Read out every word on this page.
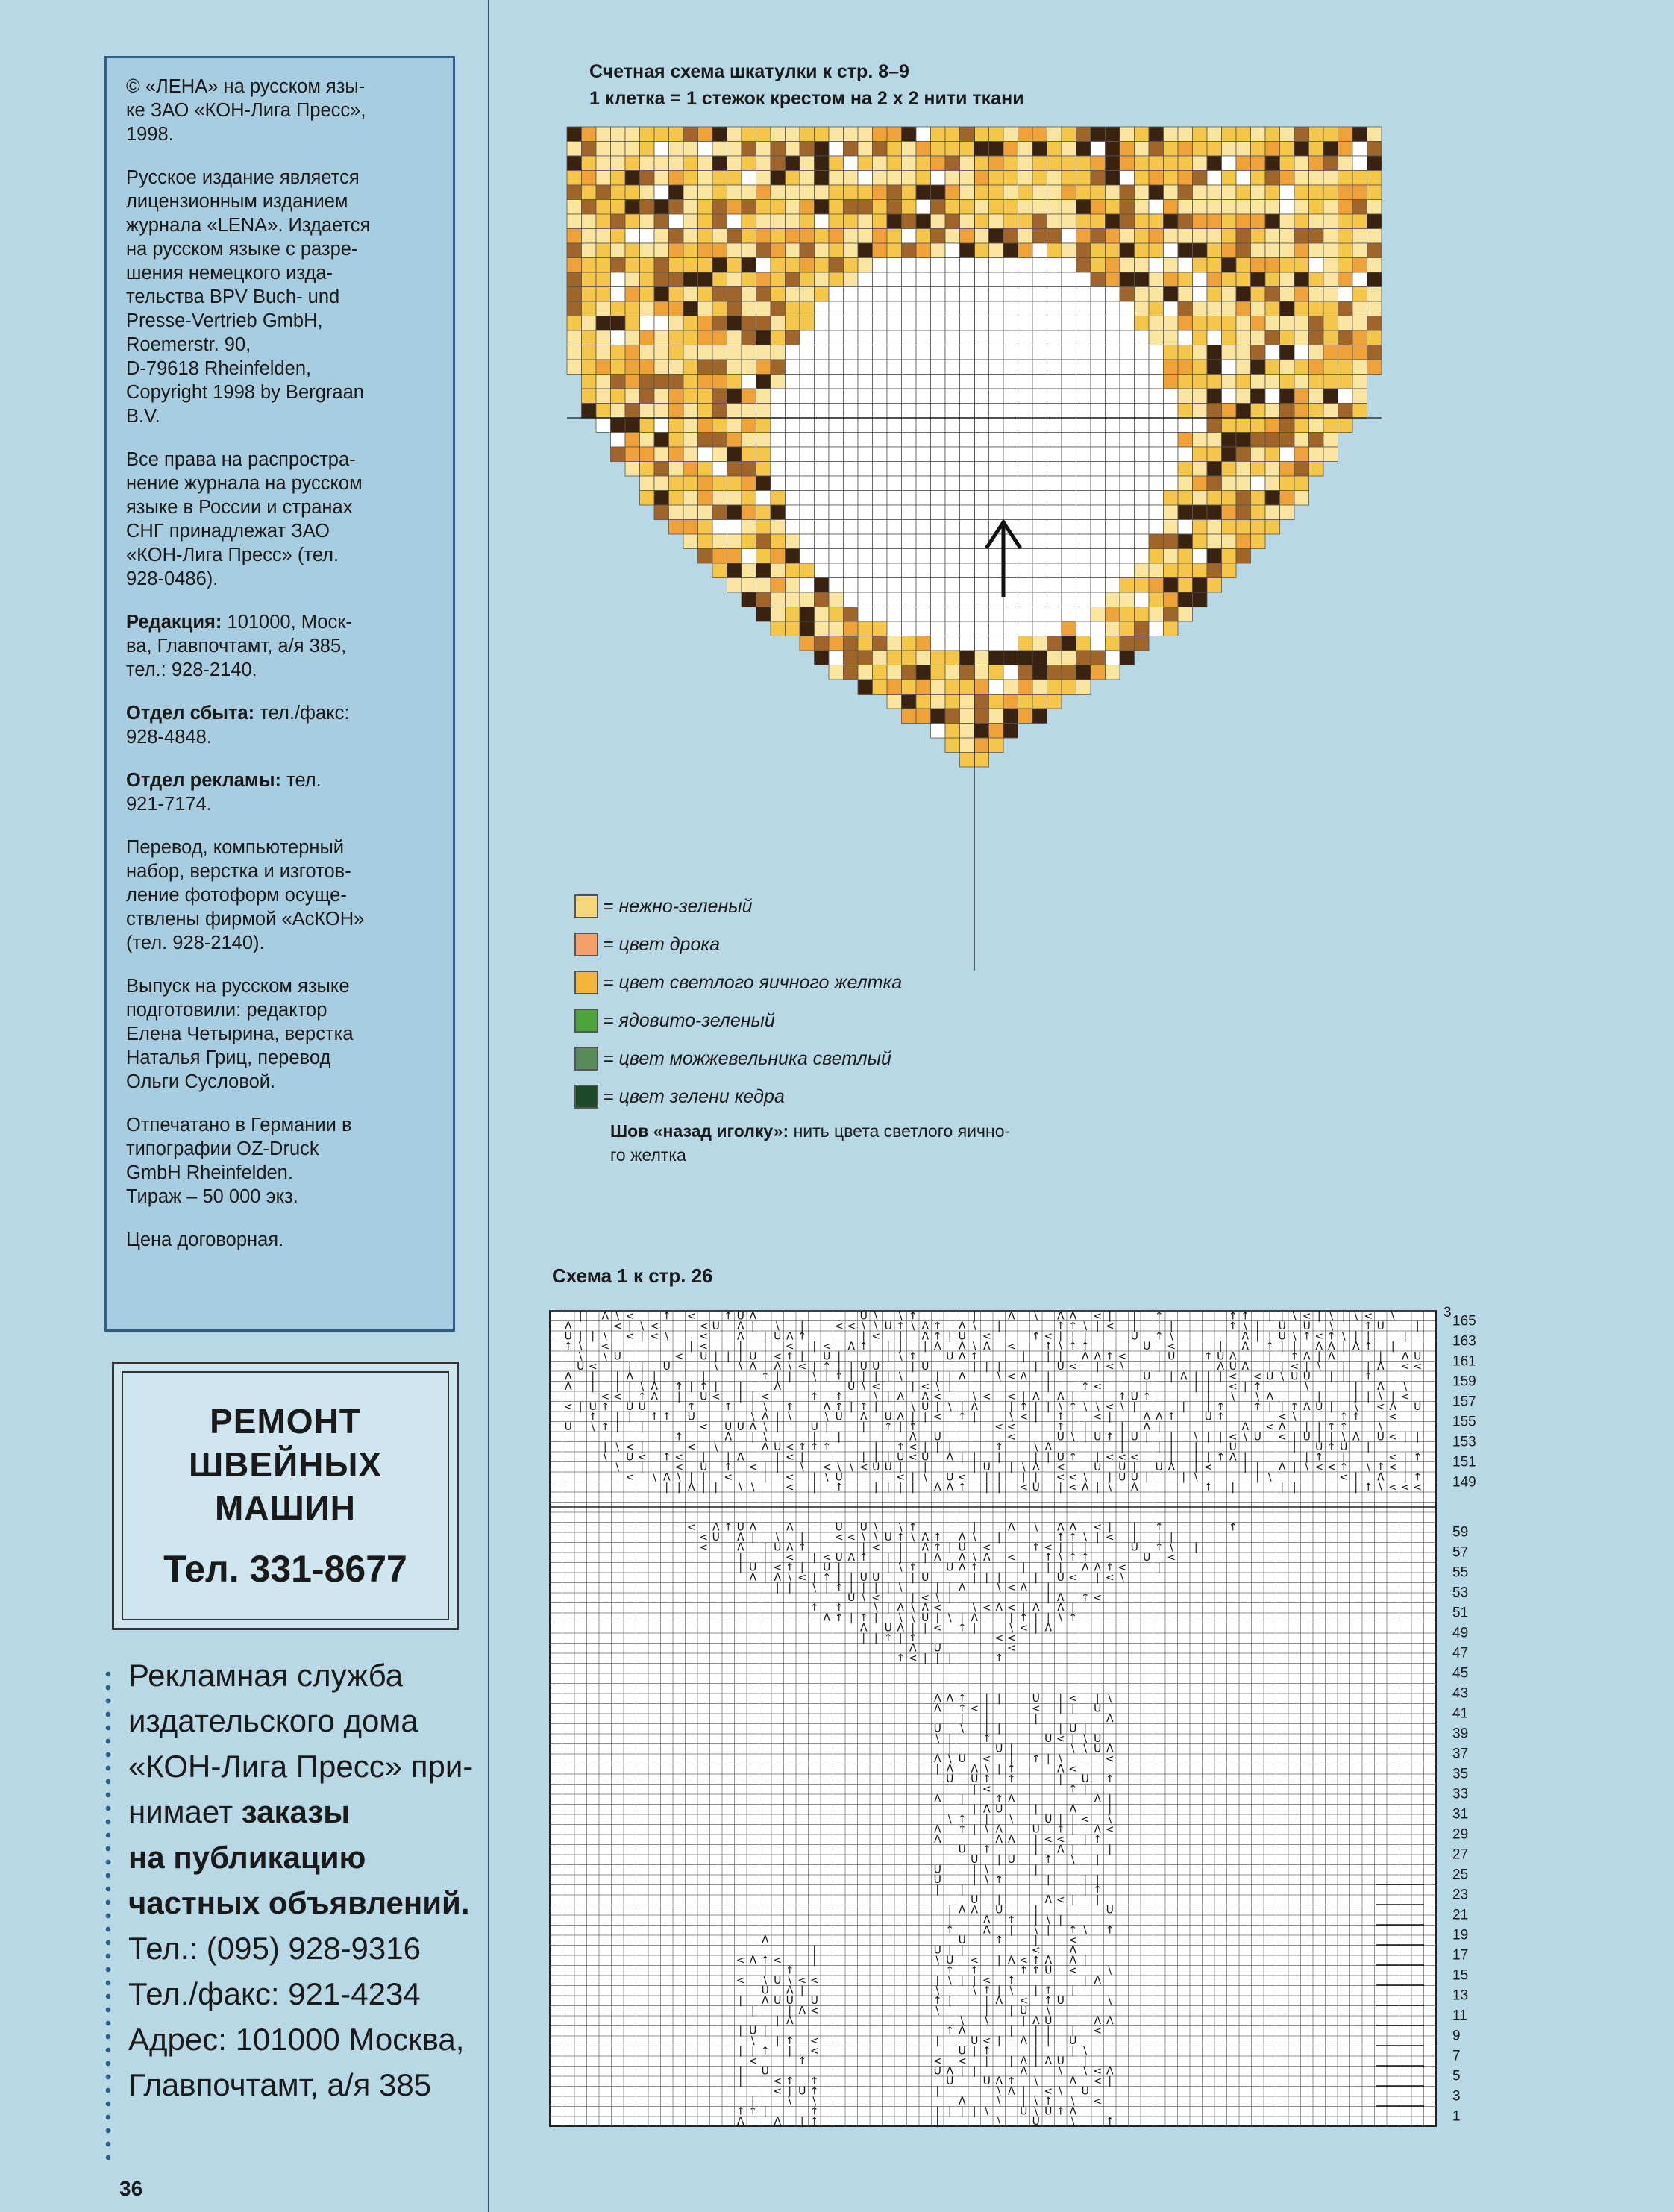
© «ЛЕНА» на русском язы-
ке ЗАО «КОН-Лига Пресс»,
1998.

Русское издание является
лицензионным изданием
журнала «LENA». Издается
на русском языке с разре-
шения немецкого изда-
тельства BPV Buch- und
Presse-Vertrieb GmbH,
Roemerstr. 90,
D-79618 Rheinfelden,
Copyright 1998 by Bergraan
B.V.

Все права на распростра-
нение журнала на русском
языке в России и странах
СНГ принадлежат ЗАО
«КОН-Лига Пресс» (тел.
928-0486).

Редакция: 101000, Моск-
ва, Главпочтамт, а/я 385,
тел.: 928-2140.

Отдел сбыта: тел./факс:
928-4848.

Отдел рекламы: тел.
921-7174.

Перевод, компьютерный
набор, верстка и изготов-
ление фотоформ осуще-
ствлены фирмой «АсКОН»
(тел. 928-2140).

Выпуск на русском языке
подготовили: редактор
Елена Четырина, верстка
Наталья Гриц, перевод
Ольги Сусловой.

Отпечатано в Германии в
типографии OZ-Druck
GmbH Rheinfelden.
Тираж – 50 000 экз.

Цена договорная.

РЕМОНТ
ШВЕЙНЫХ
МАШИН
Тел. 331-8677
Рекламная служба
издательского дома
«КОН-Лига Пресс» при-
нимает заказы
на публикацию
частных объявлений.
Тел.: (095) 928-9316
Тел./факс: 921-4234
Адрес: 101000 Москва,
Главпочтамт, а/я 385
36
Счетная схема шкатулки к стр. 8–9
1 клетка = 1 стежок крестом на 2 х 2 нити ткани
= нежно-зеленый
= цвет дрока
= цвет светлого яичного желтка
= ядовито-зеленый
= цвет можжевельника светлый
= цвет зелени кедра
Шов «назад иголку»: нить цвета светлого яично-
го желтка
Схема 1 к стр. 26
| Λ \ <	↑ <	↑ U Λ	U \ \ ↑	|	Λ \ Λ Λ < | | ↑	↑ ↑ | | \ < | \ | \ < \
Λ	< | \ <	< U Λ | \ |	< < \ \ U ↑ \ Λ ↑ Λ \ |	↑ ↑ \ | < | | |	↑ \ | U U \	↑ U	|
U | | \ < | < \	<	Λ | U Λ ↑	| < | Λ ↑ | U <	↑ < | | |	U ↑ \	Λ | | U \ ↑ < ↑ \ | |	|
↑ \ <	| <	| | < | < Λ ↑ | | | Λ Λ \ Λ <	↑ \ ↑ ↑	U <	| Λ ↑ | | Λ Λ | Λ ↑ |
\ \ U	< U | | | U | < ↑ | U |	| \ ↑	U Λ ↑	| | | Λ Λ ↑ <	| U	↑ U Λ	| ↑ Λ | Λ	| Λ U
U <	| | U	\ \ Λ | Λ \ < | ↑ | | U U	| U	| | |	| U < | < \	|	Λ U Λ | | < | \ | | Λ < <
Λ | | Λ | |	|	↑ | | \ | ↑ | | | | \	| | Λ	\ < Λ |	U | Λ | | | < < U \ U U | | ↑
Λ | | | \ Λ ↑ | ↑ | |	Λ	U \ <	| < \ |	|	↑ <	|	| | < | ↑	\	| Λ \
< < | ↑ Λ | U < | | <	↑ ↑	\ | Λ Λ <	\ < < | Λ Λ |	↑ U ↑	| \ \ Λ	|	| | \ | <
< | U ↑ U U	↑	↑ | \ ↑	Λ ↑ | ↑ |	\ U | \ | Λ	| ↑ | | \ ↑ \ \ < \ |	| | ↑	↑ | | ↑ Λ U | \ < Λ U
↑ | | ↑ ↑ U	\ Λ | \	\ U Λ U Λ | | < ↑ |	\ < | ↑ | < |	Λ Λ ↑	U ↑	< \	↑ ↑	<
U \ ↑ | |	< U U Λ \ |	U |	| ↑ | ↑	< <	↑ | |	| Λ |	Λ < Λ | | ↑ ↑	\
↑	Λ | \	| |	Λ U	<	U \ | U ↑ | U | | \ | | < \ U < | U | | \ Λ U < | |
| \ < |	< \	Λ U < ↑ ↑ ↑	| ↑ < | | |	↑	\ Λ	|	| | |	U	| U ↑ U |
\ U < ↑ < | | Λ	| < |	| | | U < U Λ | | |	| | U ↑ | < < <	| | | ↑ Λ |	| ↑ |	< | ↑
\ |	< U ↑ < | | \ < \ \ < U U | |	| U | \ Λ <	U U | U Λ | <	| | Λ | \ < < ↑ \ ↑ < |
< \ Λ \ | | <	| < | \ U	< | \ U < | | | | < < \ | U U |	| \	| \	< | Λ | ↑
| | Λ | | \ \	< | ↑	| | | | Λ Λ ↑ | | < U | < Λ | \ Λ	↑ |	| |	| ↑ \ < < <
< Λ ↑ U Λ	Λ	U U \ \ ↑	|	Λ \ Λ Λ < | | ↑	↑
< U Λ | \ |	< < \ \ U ↑ \ Λ ↑ Λ \ |	↑ ↑ \ | < | | |
<	Λ | U Λ ↑	| < | Λ ↑ | U <	↑ < | | |	U ↑ \ |
| | < | < U Λ ↑ | | | Λ Λ \ Λ <	↑ \ ↑ ↑	U <
| U | < ↑ | U |	| \ ↑	U Λ ↑	| | | Λ Λ ↑ <	|
Λ | Λ \ < | ↑ | | U U	| U	| | |	| U < | < \
| | \ | ↑ | | | | \	| | Λ	\ < Λ |
U \ <	| < \ |	| Λ ↑ <
↑ ↑	\ | Λ \ Λ <	\ < Λ < | Λ Λ |
Λ ↑ | ↑ | \ \ U | \ | Λ	| ↑ | | \ ↑
Λ U Λ | | < ↑ |	\ < | Λ
| | ↑ | ↑	< <
Λ U	<
↑ < | | |	↑
Λ Λ ↑ | |	U | < | \
Λ ↑ < |	< | | U
| |	|	Λ
U \ | |	| U |
\ |	↑	U < | \ U
|	U |	\ \ U Λ
Λ \ U < | ↑ | \	<
| Λ Λ \ | ↑	Λ <
U U ↑ ↑	| U ↑
| <	↑ |
Λ |	↑ Λ	Λ |
| Λ U	|	Λ	|
\ ↑ | \	U | | < \
Λ ↑ | \ Λ	U ↑ | Λ <
Λ	Λ Λ | < < | ↑
U ↑	| Λ |	|
U | U	↑ \ |
U	| \	|
U	| \ ↑	|	| |
| |	| ↑
U |	Λ < | |
| Λ Λ U	|	U
|	Λ ↑ | \ |
↑	Λ | \ | ↑ \ ↑
Λ	U	↑	|	<
|	U | |	<	Λ
< Λ ↑ <	|	\ U < | Λ < ↑ Λ Λ |
| ↑	↑ ↑	↑ ↑ U <	\
< \ U \ < <	| \ | | < ↑	| Λ
U Λ |	\	\ ↑ | \ | ↑ |
| Λ U U U	↑ |	| Λ < ↑ U	\
|	| Λ <	\	| | U \
| Λ	\ \	| Λ U	Λ Λ
| U |	↑ Λ	| | | | <
\ | ↑ <	|	U < | Λ | | U
| | ↑ | <	U | ↑	|	| \
<	↑	< < | | Λ | Λ U |
| U	U Λ | |	Λ	\ \ < Λ
|	< ↑ ↑	U	U Λ ↑ \	Λ < |
< | U ↑	|	\ Λ | < \ U
|	\ \	Λ	\ | \ ↑ \ <
↑ ↑ |	↑	| | | | \	U \ U ↑ Λ
Λ	Λ | ↑	|	\	U	\	↑
165
163
161
159
157
155
153
151
149
59
57
55
53
51
49
47
45
43
41
39
37
35
33
31
29
27
25
23
21
19
17
15
13
11
9
7
5
3
1
3
